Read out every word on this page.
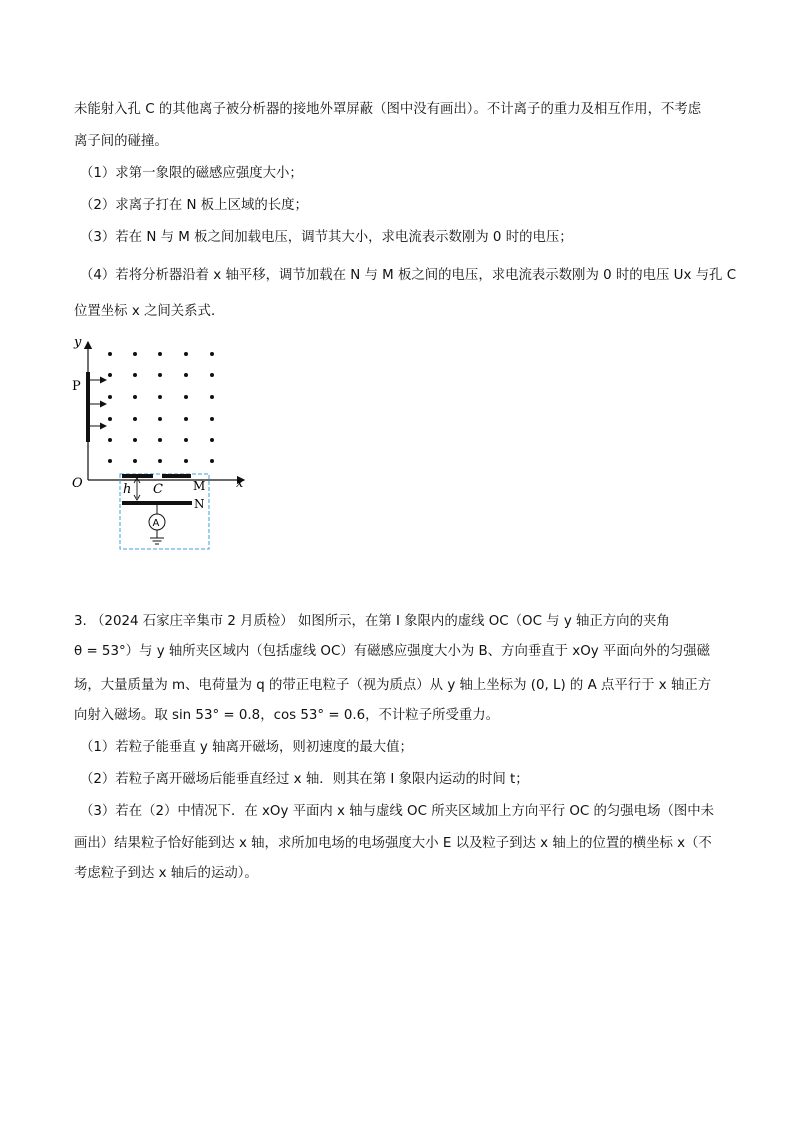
未能射入孔 C 的其他离子被分析器的接地外罩屏蔽（图中没有画出）。不计离子的重力及相互作用，不考虑
离子间的碰撞。
（1）求第一象限的磁感应强度大小；
（2）求离子打在 N 板上区域的长度；
（3）若在 N 与 M 板之间加载电压，调节其大小，求电流表示数刚为 0 时的电压；
（4）若将分析器沿着 x 轴平移，调节加载在 N 与 M 板之间的电压，求电流表示数刚为 0 时的电压 Ux 与孔 C
位置坐标 x 之间关系式．
y
x
O
P
C	M
h
N
A
3. （2024 石家庄辛集市 2 月质检） 如图所示，在第 I 象限内的虚线 OC（OC 与 y 轴正方向的夹角
θ = 53°）与 y 轴所夹区域内（包括虚线 OC）有磁感应强度大小为 B、方向垂直于 xOy 平面向外的匀强磁
场，大量质量为 m、电荷量为 q 的带正电粒子（视为质点）从 y 轴上坐标为 (0, L) 的 A 点平行于 x 轴正方
向射入磁场。取 sin 53° = 0.8，cos 53° = 0.6，不计粒子所受重力。
（1）若粒子能垂直 y 轴离开磁场，则初速度的最大值；
（2）若粒子离开磁场后能垂直经过 x 轴．则其在第 I 象限内运动的时间 t；
（3）若在（2）中情况下．在 xOy 平面内 x 轴与虚线 OC 所夹区域加上方向平行 OC 的匀强电场（图中未
画出）结果粒子恰好能到达 x 轴，求所加电场的电场强度大小 E 以及粒子到达 x 轴上的位置的横坐标 x（不
考虑粒子到达 x 轴后的运动）。
